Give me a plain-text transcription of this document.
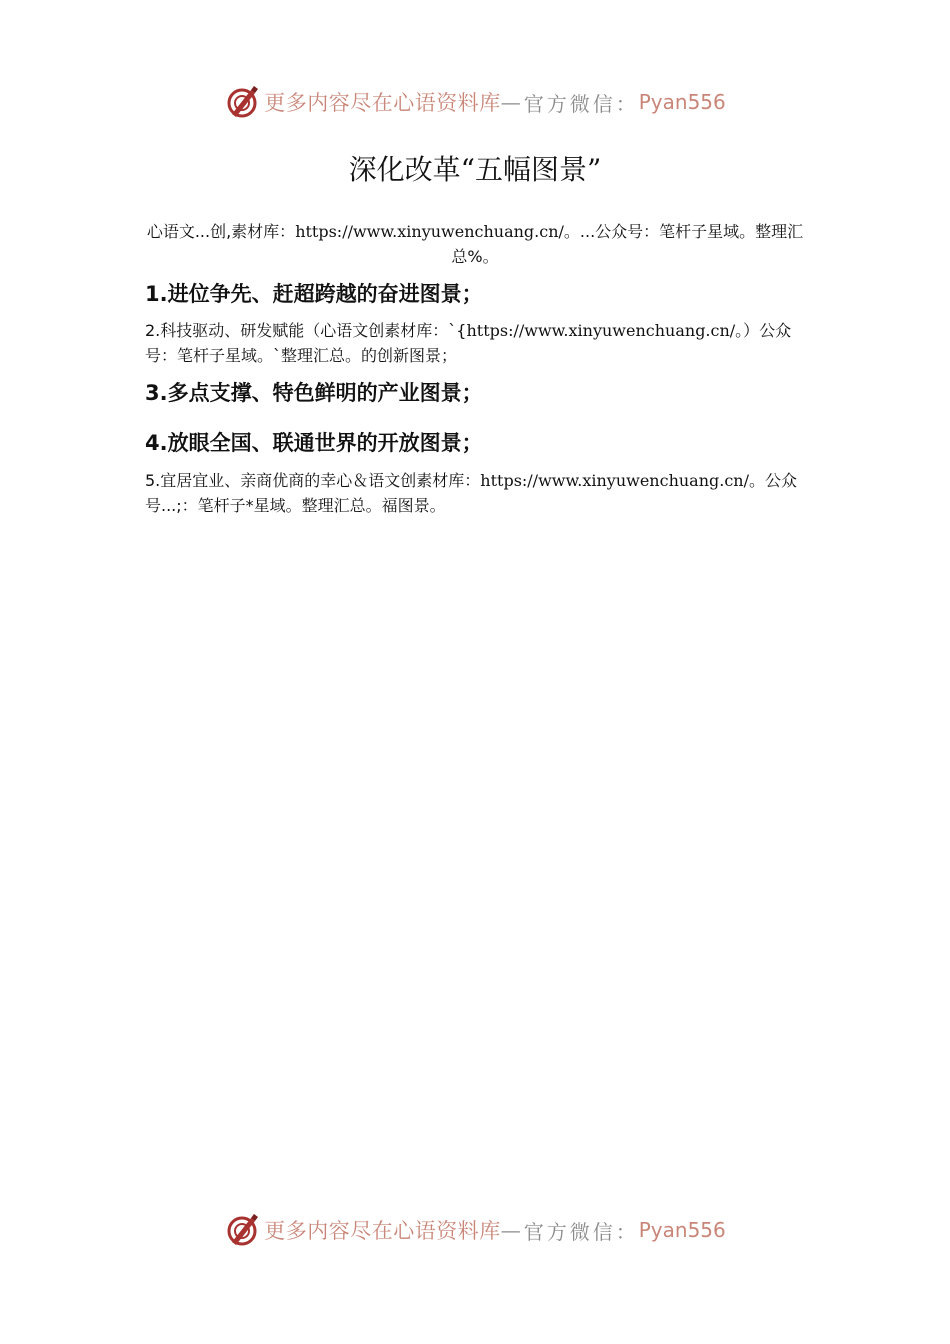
更多内容尽在心语资料库 — 官方微信： Pyan556
深化改革“五幅图景”

心语文...创,素材库：https://www.xinyuwenchuang.cn/。...公众号：笔杆子星域。整理汇总%。

1.进位争先、赶超跨越的奋进图景；

2.科技驱动、研发赋能（心语文创素材库：`{https://www.xinyuwenchuang.cn/。）公众号：笔杆子星域。`整理汇总。的创新图景；

3.多点支撑、特色鲜明的产业图景；
4.放眼全国、联通世界的开放图景；

5.宜居宜业、亲商优商的幸心＆语文创素材库：https://www.xinyuwenchuang.cn/。公众号...;：笔杆子*星域。整理汇总。福图景。

更多内容尽在心语资料库 — 官方微信： Pyan556
